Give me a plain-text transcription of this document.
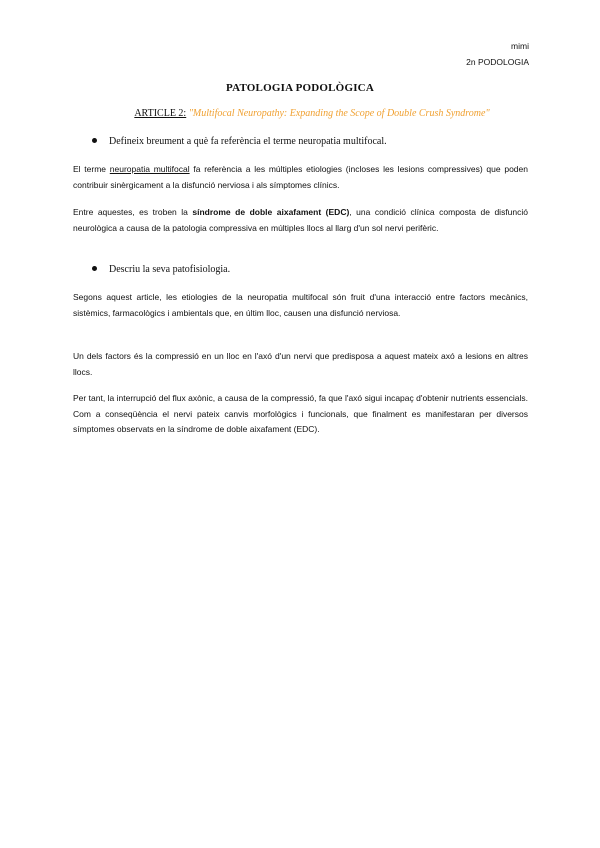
mimi
2n PODOLOGIA
PATOLOGIA PODOLÒGICA
ARTICLE 2: "Multifocal Neuropathy: Expanding the Scope of Double Crush Syndrome"
Defineix breument a què fa referència el terme neuropatia multifocal.
El terme neuropatia multifocal fa referència a les múltiples etiologies (incloses les lesions compressives) que poden contribuir sinèrgicament a la disfunció nerviosa i als símptomes clínics.
Entre aquestes, es troben la síndrome de doble aixafament (EDC), una condició clínica composta de disfunció neurològica a causa de la patologia compressiva en múltiples llocs al llarg d'un sol nervi perifèric.
Descriu la seva patofisiologia.
Segons aquest article, les etiologies de la neuropatia multifocal són fruit d'una interacció entre factors mecànics, sistèmics, farmacològics i ambientals que, en últim lloc, causen una disfunció nerviosa.
Un dels factors és la compressió en un lloc en l'axó d'un nervi que predisposa a aquest mateix axó a lesions en altres llocs.
Per tant, la interrupció del flux axònic, a causa de la compressió, fa que l'axó sigui incapaç d'obtenir nutrients essencials. Com a conseqüència el nervi pateix canvis morfològics i funcionals, que finalment es manifestaran per diversos símptomes observats en la síndrome de doble aixafament (EDC).
